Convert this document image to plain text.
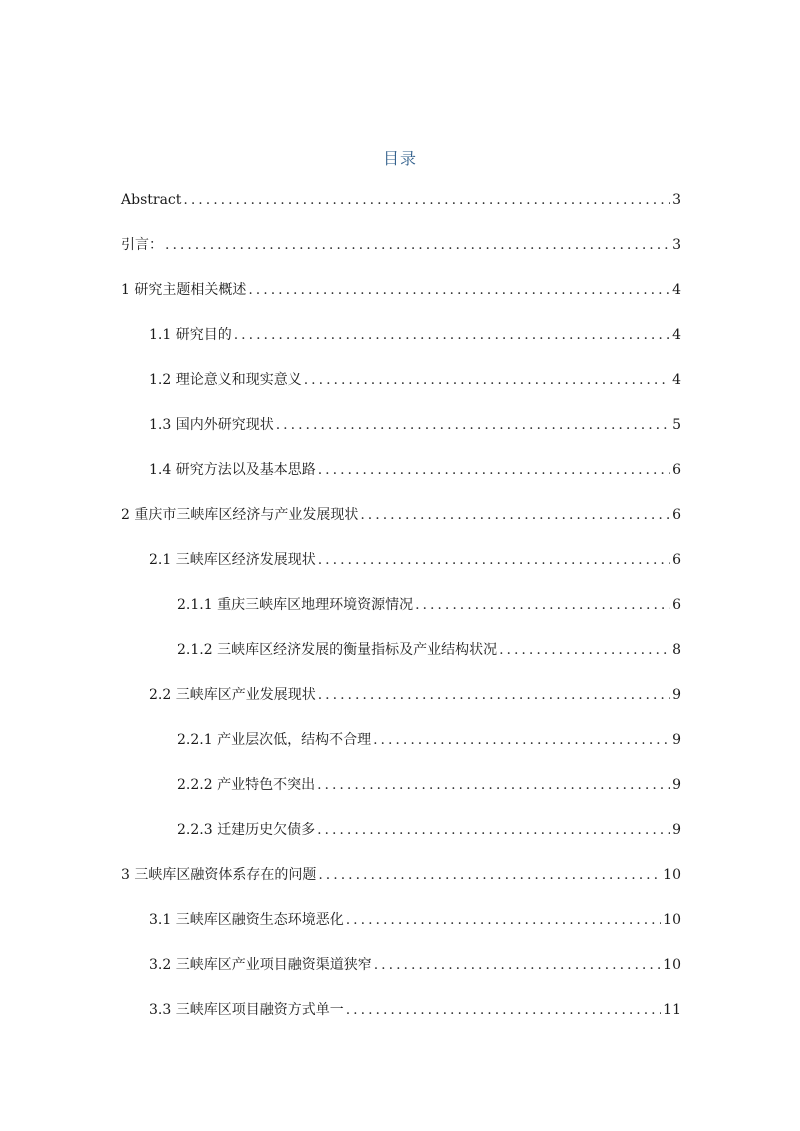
目录
Abstract .....	3
引言： .....	3
1 研究主题相关概述 .....	4
1.1 研究目的 .....	4
1.2 理论意义和现实意义 .....	4
1.3 国内外研究现状 .....	5
1.4 研究方法以及基本思路 .....	6
2 重庆市三峡库区经济与产业发展现状 .....	6
2.1 三峡库区经济发展现状 .....	6
2.1.1 重庆三峡库区地理环境资源情况 .....	6
2.1.2 三峡库区经济发展的衡量指标及产业结构状况 .....	8
2.2 三峡库区产业发展现状 .....	9
2.2.1 产业层次低，结构不合理 .....	9
2.2.2 产业特色不突出 .....	9
2.2.3 迁建历史欠债多 .....	9
3 三峡库区融资体系存在的问题 .....	10
3.1 三峡库区融资生态环境恶化 .....	10
3.2 三峡库区产业项目融资渠道狭窄 .....	10
3.3 三峡库区项目融资方式单一 .....	11
